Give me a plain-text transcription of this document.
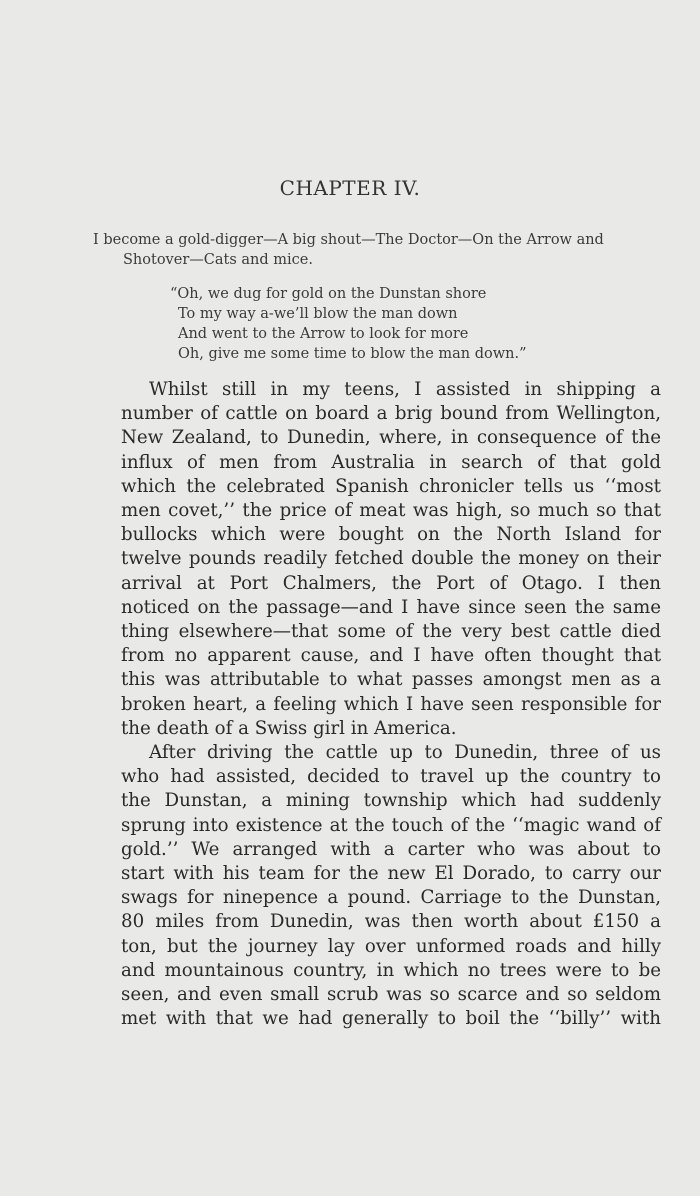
CHAPTER IV.
I become a gold-digger—A big shout—The Doctor—On the Arrow and
Shotover—Cats and mice.
“Oh, we dug for gold on the Dunstan shore
To my way a-we’ll blow the man down
And went to the Arrow to look for more
Oh, give me some time to blow the man down.”
Whilst still in my teens, I assisted in shipping a
number of cattle on board a brig bound from Wellington,
New Zealand, to Dunedin, where, in consequence of the
influx of men from Australia in search of that gold
which the celebrated Spanish chronicler tells us ‘‘most
men covet,’’ the price of meat was high, so much so that
bullocks which were bought on the North Island for
twelve pounds readily fetched double the money on their
arrival at Port Chalmers, the Port of Otago. I then
noticed on the passage—and I have since seen the same
thing elsewhere—that some of the very best cattle died
from no apparent cause, and I have often thought that
this was attributable to what passes amongst men as a
broken heart, a feeling which I have seen responsible for
the death of a Swiss girl in America.
After driving the cattle up to Dunedin, three of us
who had assisted, decided to travel up the country to
the Dunstan, a mining township which had suddenly
sprung into existence at the touch of the ‘‘magic wand of
gold.’’ We arranged with a carter who was about to
start with his team for the new El Dorado, to carry our
swags for ninepence a pound. Carriage to the Dunstan,
80 miles from Dunedin, was then worth about £150 a
ton, but the journey lay over unformed roads and hilly
and mountainous country, in which no trees were to be
seen, and even small scrub was so scarce and so seldom
met with that we had generally to boil the ‘‘billy’’ with
